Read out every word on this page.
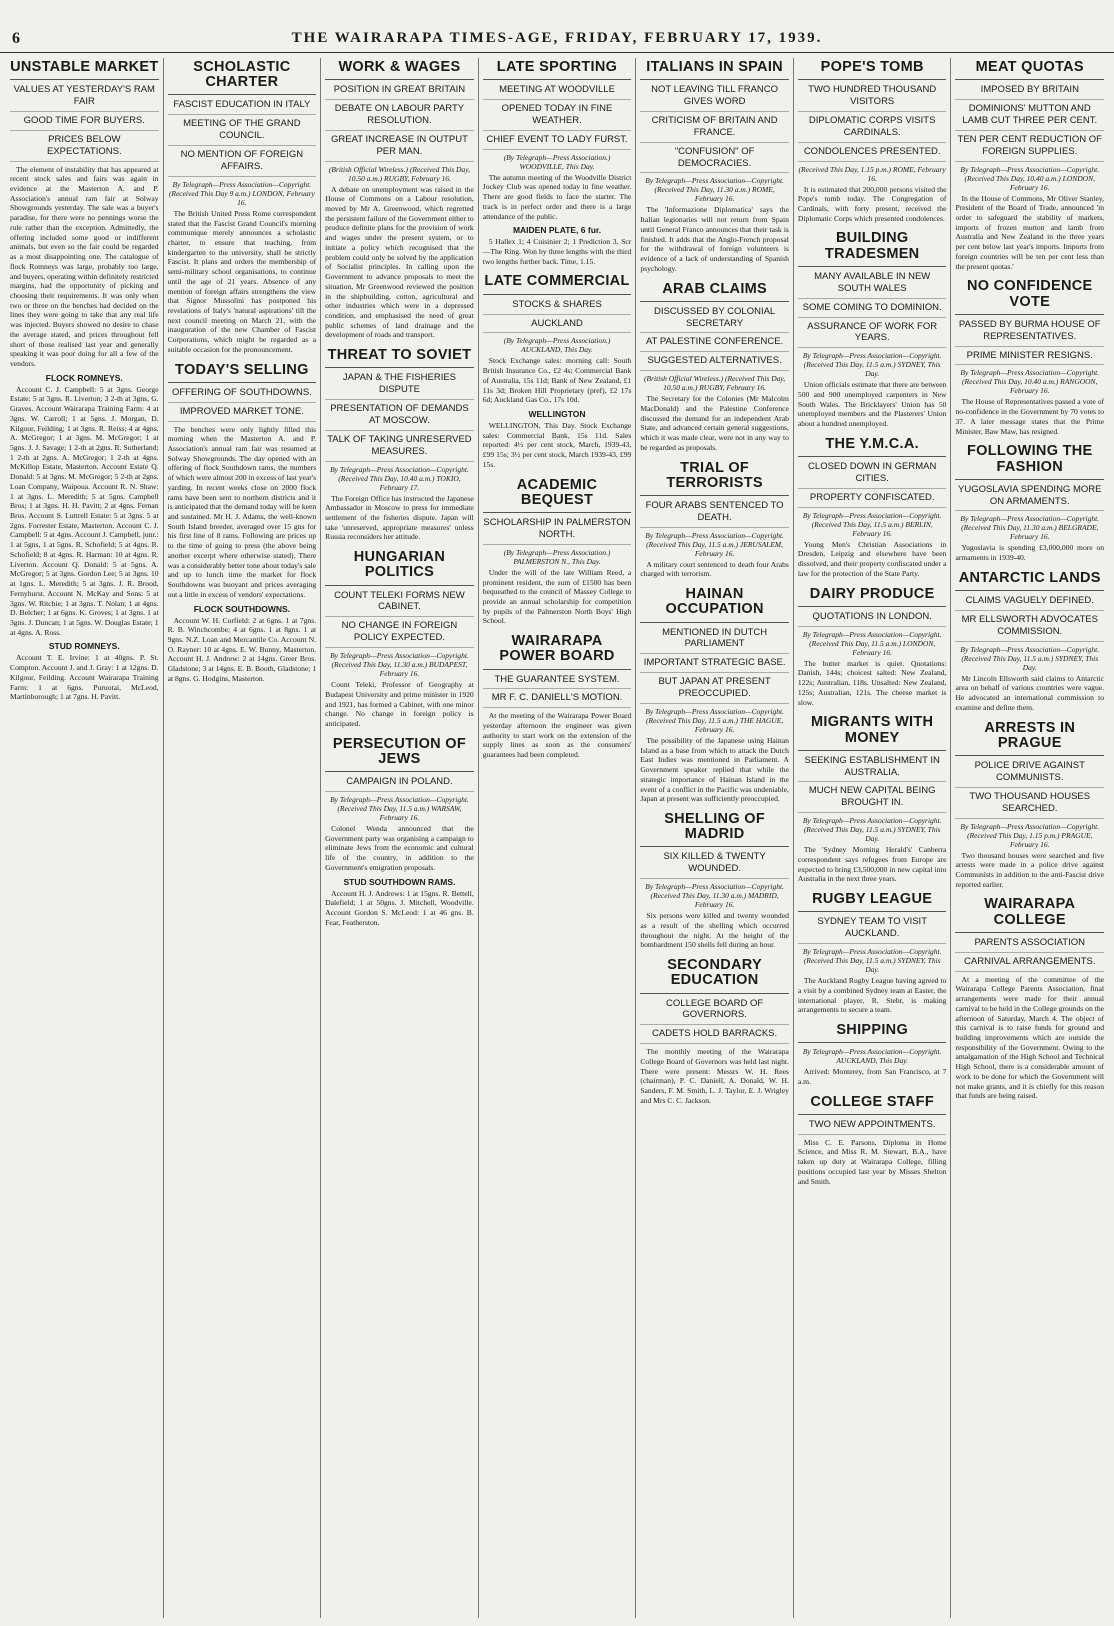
6	THE WAIRARAPA TIMES-AGE, FRIDAY, FEBRUARY 17, 1939.
UNSTABLE MARKET
VALUES AT YESTERDAY'S RAM FAIR
GOOD TIME FOR BUYERS.
PRICES BELOW EXPECTATIONS.

The element of instability that has appeared at recent stock sales and fairs was again in evidence at the Masterton A. and P. Association's annual ram fair at Solway Showgrounds yesterday. The sale was a buyer's paradise, for there were no pennings worse the rule rather than the exception. Admittedly, the offering included some good or indifferent animals, but even so the fair could be regarded as a most disappointing one. The catalogue of flock Romneys was large, probably too large, and buyers, operating within definitely restricted margins, had the opportunity of picking and choosing their requirements. It was only when two or three on the benches had decided on the lines they were going to take that any real life was injected. Buyers showed no desire to chase the average stated, and prices throughout fell short of those realised last year and generally speaking it was poor doing for all a few of the vendors.

FLOCK ROMNEYS.

Account C. J. Campbell: 5 at 3gns. George Estate: 5 at 3gns. R. Liverton; 3 2-th at 3gns, G. Graves. Account Wairarapa Training Farm: 4 at 3gns. W. Carroll; 1 at 5gns. J. Morgan, D. Kilgour, Feilding; 1 at 3gns. R. Reiss; 4 at 4gns. A. McGregor; 1 at 3gns. M. McGregor; 1 at 5gns. J. J. Savage; 1 2-th at 2gns. R. Sutherland; 1 2-th at 2gns. A. McGregor; 1 2-th at 4gns. McKillop Estate, Masterton. Account Estate Q. Donald: 5 at 3gns. M. McGregor; 5 2-th at 2gns. Loan Company, Waipoua. Account R. N. Shaw: 1 at 3gns. L. Meredith; 5 at 5gns. Campbell Bros; 1 at 3gns. H. H. Pavitt; 2 at 4gns. Fernan Bros. Account S. Luttrell Estate: 5 at 3gns. 5 at 2gns. Forrester Estate, Masterton. Account C. J. Campbell: 5 at 4gns. Account J. Campbell, junr.: 1 at 5gns, 1 at 5gns. R. Schofield; 5 at 4gns. R. Schofield; 8 at 4gns. R. Harman: 10 at 4gns. R. Liverton. Account Q. Donald: 5 at 5gns. A. McGregor; 5 at 3gns. Gordon Lee; 5 at 3gns. 10 at 1gns. L. Meredith; 5 at 3gns. J. R. Brood, Fernyhurst. Account N. McKay and Sons: 5 at 3gns. W. Ritchie; 1 at 3gns. T. Nolan; 1 at 4gns. D. Belcher; 1 at 6gns. K. Groves; 1 at 3gns. 1 at 3gns. J. Duncan; 1 at 5gns. W. Douglas Estate; 1 at 4gns. A. Ross.

STUD ROMNEYS.

Account T. E. Irvine: 1 at 40gns. P. St. Compton. Account J. and J. Gray: 1 at 12gns. D. Kilgour, Feilding. Account Wairarapa Training Farm: 1 at 6gns. Puruotai, McLeod, Martinborough; 1 at 7gns. H. Pavitt.

SCHOLASTIC CHARTER
FASCIST EDUCATION IN ITALY
MEETING OF THE GRAND COUNCIL.
NO MENTION OF FOREIGN AFFAIRS.
By Telegraph—Press Association—Copyright. (Received This Day 9 a.m.) LONDON, February 16.

The British United Press Rome correspondent stated that the Fascist Grand Council's morning communique merely announces a scholastic charter, to ensure that teaching, from kindergarten to the university, shall be strictly Fascist. It plans and orders the membership of semi-military school organisations, to continue until the age of 21 years. Absence of any mention of foreign affairs strengthens the view that Signor Mussolini has postponed his revelations of Italy's 'natural aspirations' till the next council meeting on March 21, with the inauguration of the new Chamber of Fascist Corporations, which might be regarded as a suitable occasion for the pronouncement.

TODAY'S SELLING
OFFERING OF SOUTHDOWNS.
IMPROVED MARKET TONE.

The benches were only lightly filled this morning when the Masterton A. and P. Association's annual ram fair was resumed at Solway Showgrounds. The day opened with an offering of flock Southdown rams, the numbers of which were almost 200 in excess of last year's yarding. In recent weeks close on 2000 flock rams have been sent to northern districts and it is anticipated that the demand today will be keen and sustained. Mr H. J. Adams, the well-known South Island breeder, averaged over 15 gns for his first line of 8 rams. Following are prices up to the time of going to press (the above being another excerpt where otherwise stated). There was a considerably better tone about today's sale and up to lunch time the market for flock Southdowns was buoyant and prices averaging out a little in excess of vendors' expectations.

FLOCK SOUTHDOWNS.

Account W. H. Corfield: 2 at 6gns. 1 at 7gns. R. B. Winchcombe; 4 at 6gns. 1 at 8gns. 1 at 9gns. N.Z. Loan and Mercantile Co. Account N. O. Rayner: 10 at 4gns. E. W. Bunny, Masterton. Account H. J. Andrew: 2 at 14gns. Greer Bros. Gladstone; 3 at 14gns. E. B. Booth, Gladstone; 1 at 8gns. G. Hodgins, Masterton.

WORK & WAGES
POSITION IN GREAT BRITAIN
DEBATE ON LABOUR PARTY RESOLUTION.
GREAT INCREASE IN OUTPUT PER MAN.
(British Official Wireless.) (Received This Day, 10.50 a.m.) RUGBY, February 16.

A debate on unemployment was raised in the House of Commons on a Labour resolution, moved by Mr A. Greenwood, which regretted the persistent failure of the Government either to produce definite plans for the provision of work and wages under the present system, or to initiate a policy which recognised that the problem could only be solved by the application of Socialist principles. In calling upon the Government to advance proposals to meet the situation, Mr Greenwood reviewed the position in the shipbuilding, cotton, agricultural and other industries which were in a depressed condition, and emphasised the need of great public schemes of land drainage and the development of roads and transport.

THREAT TO SOVIET
JAPAN & THE FISHERIES DISPUTE
PRESENTATION OF DEMANDS AT MOSCOW.
TALK OF TAKING UNRESERVED MEASURES.
By Telegraph—Press Association—Copyright. (Received This Day, 10.40 a.m.) TOKIO, February 17.

The Foreign Office has instructed the Japanese Ambassador in Moscow to press for immediate settlement of the fisheries dispute. Japan will take 'unreserved, appropriate measures' unless Russia reconsiders her attitude.

HUNGARIAN POLITICS
COUNT TELEKI FORMS NEW CABINET.
NO CHANGE IN FOREIGN POLICY EXPECTED.
By Telegraph—Press Association—Copyright. (Received This Day, 11.30 a.m.) BUDAPEST, February 16.

Count Teleki, Professor of Geography at Budapest University and prime minister in 1920 and 1921, has formed a Cabinet, with one minor change. No change in foreign policy is anticipated.

PERSECUTION OF JEWS
CAMPAIGN IN POLAND.
By Telegraph—Press Association—Copyright. (Received This Day, 11.5 a.m.) WARSAW, February 16.

Colonel Wenda announced that the Government party was organising a campaign to eliminate Jews from the economic and cultural life of the country, in addition to the Government's emigration proposals.

STUD SOUTHDOWN RAMS.

Account H. J. Andrews: 1 at 15gns. R. Bettell, Dalefield; 1 at 50gns. J. Mitchell, Woodville. Account Gordon S. McLeod: 1 at 46 gns. B. Fear, Featherston.

LATE SPORTING
MEETING AT WOODVILLE
OPENED TODAY IN FINE WEATHER.
CHIEF EVENT TO LADY FURST.
(By Telegraph—Press Association.) WOODVILLE, This Day.

The autumn meeting of the Woodville District Jockey Club was opened today in fine weather. There are good fields to face the starter. The track is in perfect order and there is a large attendance of the public.

MAIDEN PLATE, 6 fur.

5 Hallex 1; 4 Cuisinier 2; 1 Prediction 3. Scr—The Ring. Won by three lengths with the third two lengths further back. Time, 1.15.

LATE COMMERCIAL
STOCKS & SHARES
AUCKLAND
(By Telegraph—Press Association.) AUCKLAND, This Day.

Stock Exchange sales: morning call: South British Insurance Co., £2 4s; Commercial Bank of Australia, 15s 11d; Bank of New Zealand, £1 11s 3d; Broken Hill Proprietary (pref), £2 17s 6d; Auckland Gas Co., 17s 10d.

WELLINGTON

WELLINGTON, This Day. Stock Exchange sales: Commercial Bank, 15s 11d. Sales reported: 4½ per cent stock, March, 1939-43, £99 15s; 3½ per cent stock, March 1939-43, £99 15s.

ACADEMIC BEQUEST
SCHOLARSHIP IN PALMERSTON NORTH.
(By Telegraph—Press Association.) PALMERSTON N., This Day.

Under the will of the late William Reed, a prominent resident, the sum of £1500 has been bequeathed to the council of Massey College to provide an annual scholarship for competition by pupils of the Palmerston North Boys' High School.

WAIRARAPA POWER BOARD
THE GUARANTEE SYSTEM.
MR F. C. DANIELL'S MOTION.

At the meeting of the Wairarapa Power Board yesterday afternoon the engineer was given authority to start work on the extension of the supply lines as soon as the consumers' guarantees had been completed.

ITALIANS IN SPAIN
NOT LEAVING TILL FRANCO GIVES WORD
CRITICISM OF BRITAIN AND FRANCE.
"CONFUSION" OF DEMOCRACIES.
By Telegraph—Press Association—Copyright. (Received This Day, 11.30 a.m.) ROME, February 16.

The 'Informazione Diplomatica' says the Italian legionaries will not return from Spain until General Franco announces that their task is finished. It adds that the Anglo-French proposal for the withdrawal of foreign volunteers is evidence of a lack of understanding of Spanish psychology.

ARAB CLAIMS
DISCUSSED BY COLONIAL SECRETARY
AT PALESTINE CONFERENCE.
SUGGESTED ALTERNATIVES.
(British Official Wireless.) (Received This Day, 10.50 a.m.) RUGBY, February 16.

The Secretary for the Colonies (Mr Malcolm MacDonald) and the Palestine Conference discussed the demand for an independent Arab State, and advanced certain general suggestions, which it was made clear, were not in any way to be regarded as proposals.

TRIAL OF TERRORISTS
FOUR ARABS SENTENCED TO DEATH.
By Telegraph—Press Association—Copyright. (Received This Day, 11.5 a.m.) JERUSALEM, February 16.

A military court sentenced to death four Arabs charged with terrorism.

HAINAN OCCUPATION
MENTIONED IN DUTCH PARLIAMENT
IMPORTANT STRATEGIC BASE.
BUT JAPAN AT PRESENT PREOCCUPIED.
By Telegraph—Press Association—Copyright. (Received This Day, 11.5 a.m.) THE HAGUE, February 16.

The possibility of the Japanese using Hainan Island as a base from which to attack the Dutch East Indies was mentioned in Parliament. A Government speaker replied that while the strategic importance of Hainan Island in the event of a conflict in the Pacific was undeniable, Japan at present was sufficiently preoccupied.

SHELLING OF MADRID
SIX KILLED & TWENTY WOUNDED.
By Telegraph—Press Association—Copyright. (Received This Day, 11.30 a.m.) MADRID, February 16.

Six persons were killed and twenty wounded as a result of the shelling which occurred throughout the night. At the height of the bombardment 150 shells fell during an hour.

SECONDARY EDUCATION
COLLEGE BOARD OF GOVERNORS.
CADETS HOLD BARRACKS.

The monthly meeting of the Wairarapa College Board of Governors was held last night. There were present: Messrs W. H. Rees (chairman), P. C. Daniell, A. Donald, W. H. Sanders, F. M. Smith, L. J. Taylor, E. J. Wrigley and Mrs C. C. Jackson.

POPE'S TOMB
TWO HUNDRED THOUSAND VISITORS
DIPLOMATIC CORPS VISITS CARDINALS.
CONDOLENCES PRESENTED.
(Received This Day, 1.15 p.m.) ROME, February 16.

It is estimated that 200,000 persons visited the Pope's tomb today. The Congregation of Cardinals, with forty present, received the Diplomatic Corps which presented condolences.

BUILDING TRADESMEN
MANY AVAILABLE IN NEW SOUTH WALES
SOME COMING TO DOMINION.
ASSURANCE OF WORK FOR YEARS.
By Telegraph—Press Association—Copyright. (Received This Day, 11.5 a.m.) SYDNEY, This Day.

Union officials estimate that there are between 500 and 900 unemployed carpenters in New South Wales. The Bricklayers' Union has 50 unemployed members and the Plasterers' Union about a hundred unemployed.

THE Y.M.C.A.
CLOSED DOWN IN GERMAN CITIES.
PROPERTY CONFISCATED.
By Telegraph—Press Association—Copyright. (Received This Day, 11.5 a.m.) BERLIN, February 16.

Young Men's Christian Associations in Dresden, Leipzig and elsewhere have been dissolved, and their property confiscated under a law for the protection of the State Party.

DAIRY PRODUCE
QUOTATIONS IN LONDON.
By Telegraph—Press Association—Copyright. (Received This Day, 11.5 a.m.) LONDON, February 16.

The butter market is quiet. Quotations: Danish, 144s; choicest salted: New Zealand, 122s; Australian, 118s. Unsalted: New Zealand, 125s; Australian, 121s. The cheese market is slow.

MIGRANTS WITH MONEY
SEEKING ESTABLISHMENT IN AUSTRALIA.
MUCH NEW CAPITAL BEING BROUGHT IN.
By Telegraph—Press Association—Copyright. (Received This Day, 11.5 a.m.) SYDNEY, This Day.

The 'Sydney Morning Herald's' Canberra correspondent says refugees from Europe are expected to bring £3,500,000 in new capital into Australia in the next three years.

RUGBY LEAGUE
SYDNEY TEAM TO VISIT AUCKLAND.
By Telegraph—Press Association—Copyright. (Received This Day, 11.5 a.m.) SYDNEY, This Day.

The Auckland Rugby League having agreed to a visit by a combined Sydney team at Easter, the international player, R. Stehr, is making arrangements to secure a team.

SHIPPING
By Telegraph—Press Association—Copyright. AUCKLAND, This Day.

Arrived: Monterey, from San Francisco, at 7 a.m.

COLLEGE STAFF
TWO NEW APPOINTMENTS.

Miss C. E. Parsons, Diploma in Home Science, and Miss R. M. Stewart, B.A., have taken up duty at Wairarapa College, filling positions occupied last year by Misses Shelton and Smith.

MEAT QUOTAS
IMPOSED BY BRITAIN
DOMINIONS' MUTTON AND LAMB CUT THREE PER CENT.
TEN PER CENT REDUCTION OF FOREIGN SUPPLIES.
By Telegraph—Press Association—Copyright. (Received This Day, 10.40 a.m.) LONDON, February 16.

In the House of Commons, Mr Oliver Stanley, President of the Board of Trade, announced 'in order to safeguard the stability of markets, imports of frozen mutton and lamb from Australia and New Zealand in the three years per cent below last year's imports. Imports from foreign countries will be ten per cent less than the present quotas.'

NO CONFIDENCE VOTE
PASSED BY BURMA HOUSE OF REPRESENTATIVES.
PRIME MINISTER RESIGNS.
By Telegraph—Press Association—Copyright. (Received This Day, 10.40 a.m.) RANGOON, February 16.

The House of Representatives passed a vote of no-confidence in the Government by 70 votes to 37. A later message states that the Prime Minister, Baw Maw, has resigned.

FOLLOWING THE FASHION
YUGOSLAVIA SPENDING MORE ON ARMAMENTS.
By Telegraph—Press Association—Copyright. (Received This Day, 11.30 a.m.) BELGRADE, February 16.

Yugoslavia is spending £3,000,000 more on armaments in 1939-40.

ANTARCTIC LANDS
CLAIMS VAGUELY DEFINED.
MR ELLSWORTH ADVOCATES COMMISSION.
By Telegraph—Press Association—Copyright. (Received This Day, 11.5 a.m.) SYDNEY, This Day.

Mr Lincoln Ellsworth said claims to Antarctic area on behalf of various countries were vague. He advocated an international commission to examine and define them.

ARRESTS IN PRAGUE
POLICE DRIVE AGAINST COMMUNISTS.
TWO THOUSAND HOUSES SEARCHED.
By Telegraph—Press Association—Copyright. (Received This Day, 1.15 p.m.) PRAGUE, February 16.

Two thousand houses were searched and five arrests were made in a police drive against Communists in addition to the anti-Fascist drive reported earlier.

WAIRARAPA COLLEGE
PARENTS ASSOCIATION
CARNIVAL ARRANGEMENTS.

At a meeting of the committee of the Wairarapa College Parents Association, final arrangements were made for their annual carnival to be held in the College grounds on the afternoon of Saturday, March 4. The object of this carnival is to raise funds for ground and building improvements which are outside the responsibility of the Government. Owing to the amalgamation of the High School and Technical High School, there is a considerable amount of work to be done for which the Government will not make grants, and it is chiefly for this reason that funds are being raised.
